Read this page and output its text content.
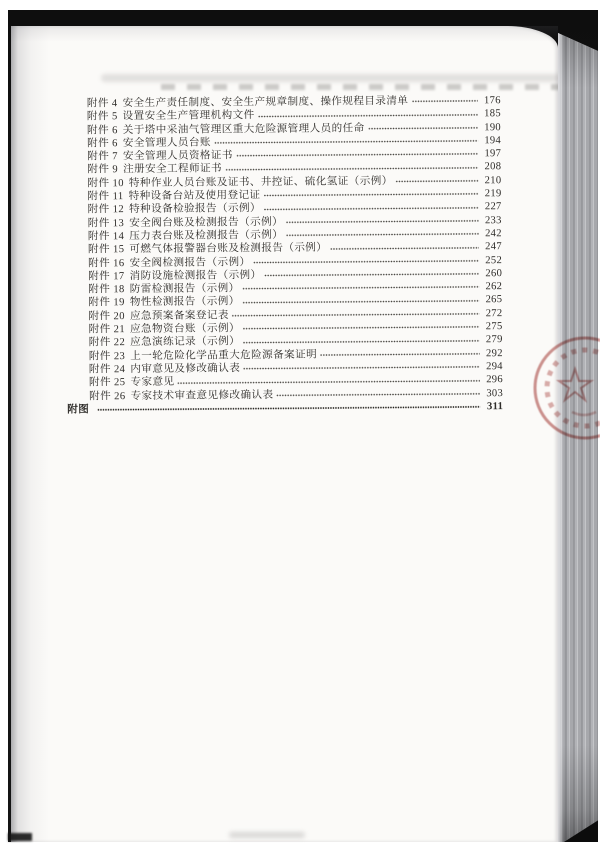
附件 4 安全生产责任制度、安全生产规章制度、操作规程目录清单	176
附件 5 设置安全生产管理机构文件	185
附件 6 关于塔中采油气管理区重大危险源管理人员的任命	190
附件 6 安全管理人员台账	194
附件 7 安全管理人员资格证书	197
附件 9 注册安全工程师证书	208
附件 10 特种作业人员台账及证书、井控证、硫化氢证（示例）	210
附件 11 特种设备台站及使用登记证	219
附件 12 特种设备检验报告（示例）	227
附件 13 安全阀台账及检测报告（示例）	233
附件 14 压力表台账及检测报告（示例）	242
附件 15 可燃气体报警器台账及检测报告（示例）	247
附件 16 安全阀检测报告（示例）	252
附件 17 消防设施检测报告（示例）	260
附件 18 防雷检测报告（示例）	262
附件 19 物性检测报告（示例）	265
附件 20 应急预案备案登记表	272
附件 21 应急物资台账（示例）	275
附件 22 应急演练记录（示例）	279
附件 23 上一轮危险化学品重大危险源备案证明	292
附件 24 内审意见及修改确认表	294
附件 25 专家意见	296
附件 26 专家技术审查意见修改确认表	303
附图	311
